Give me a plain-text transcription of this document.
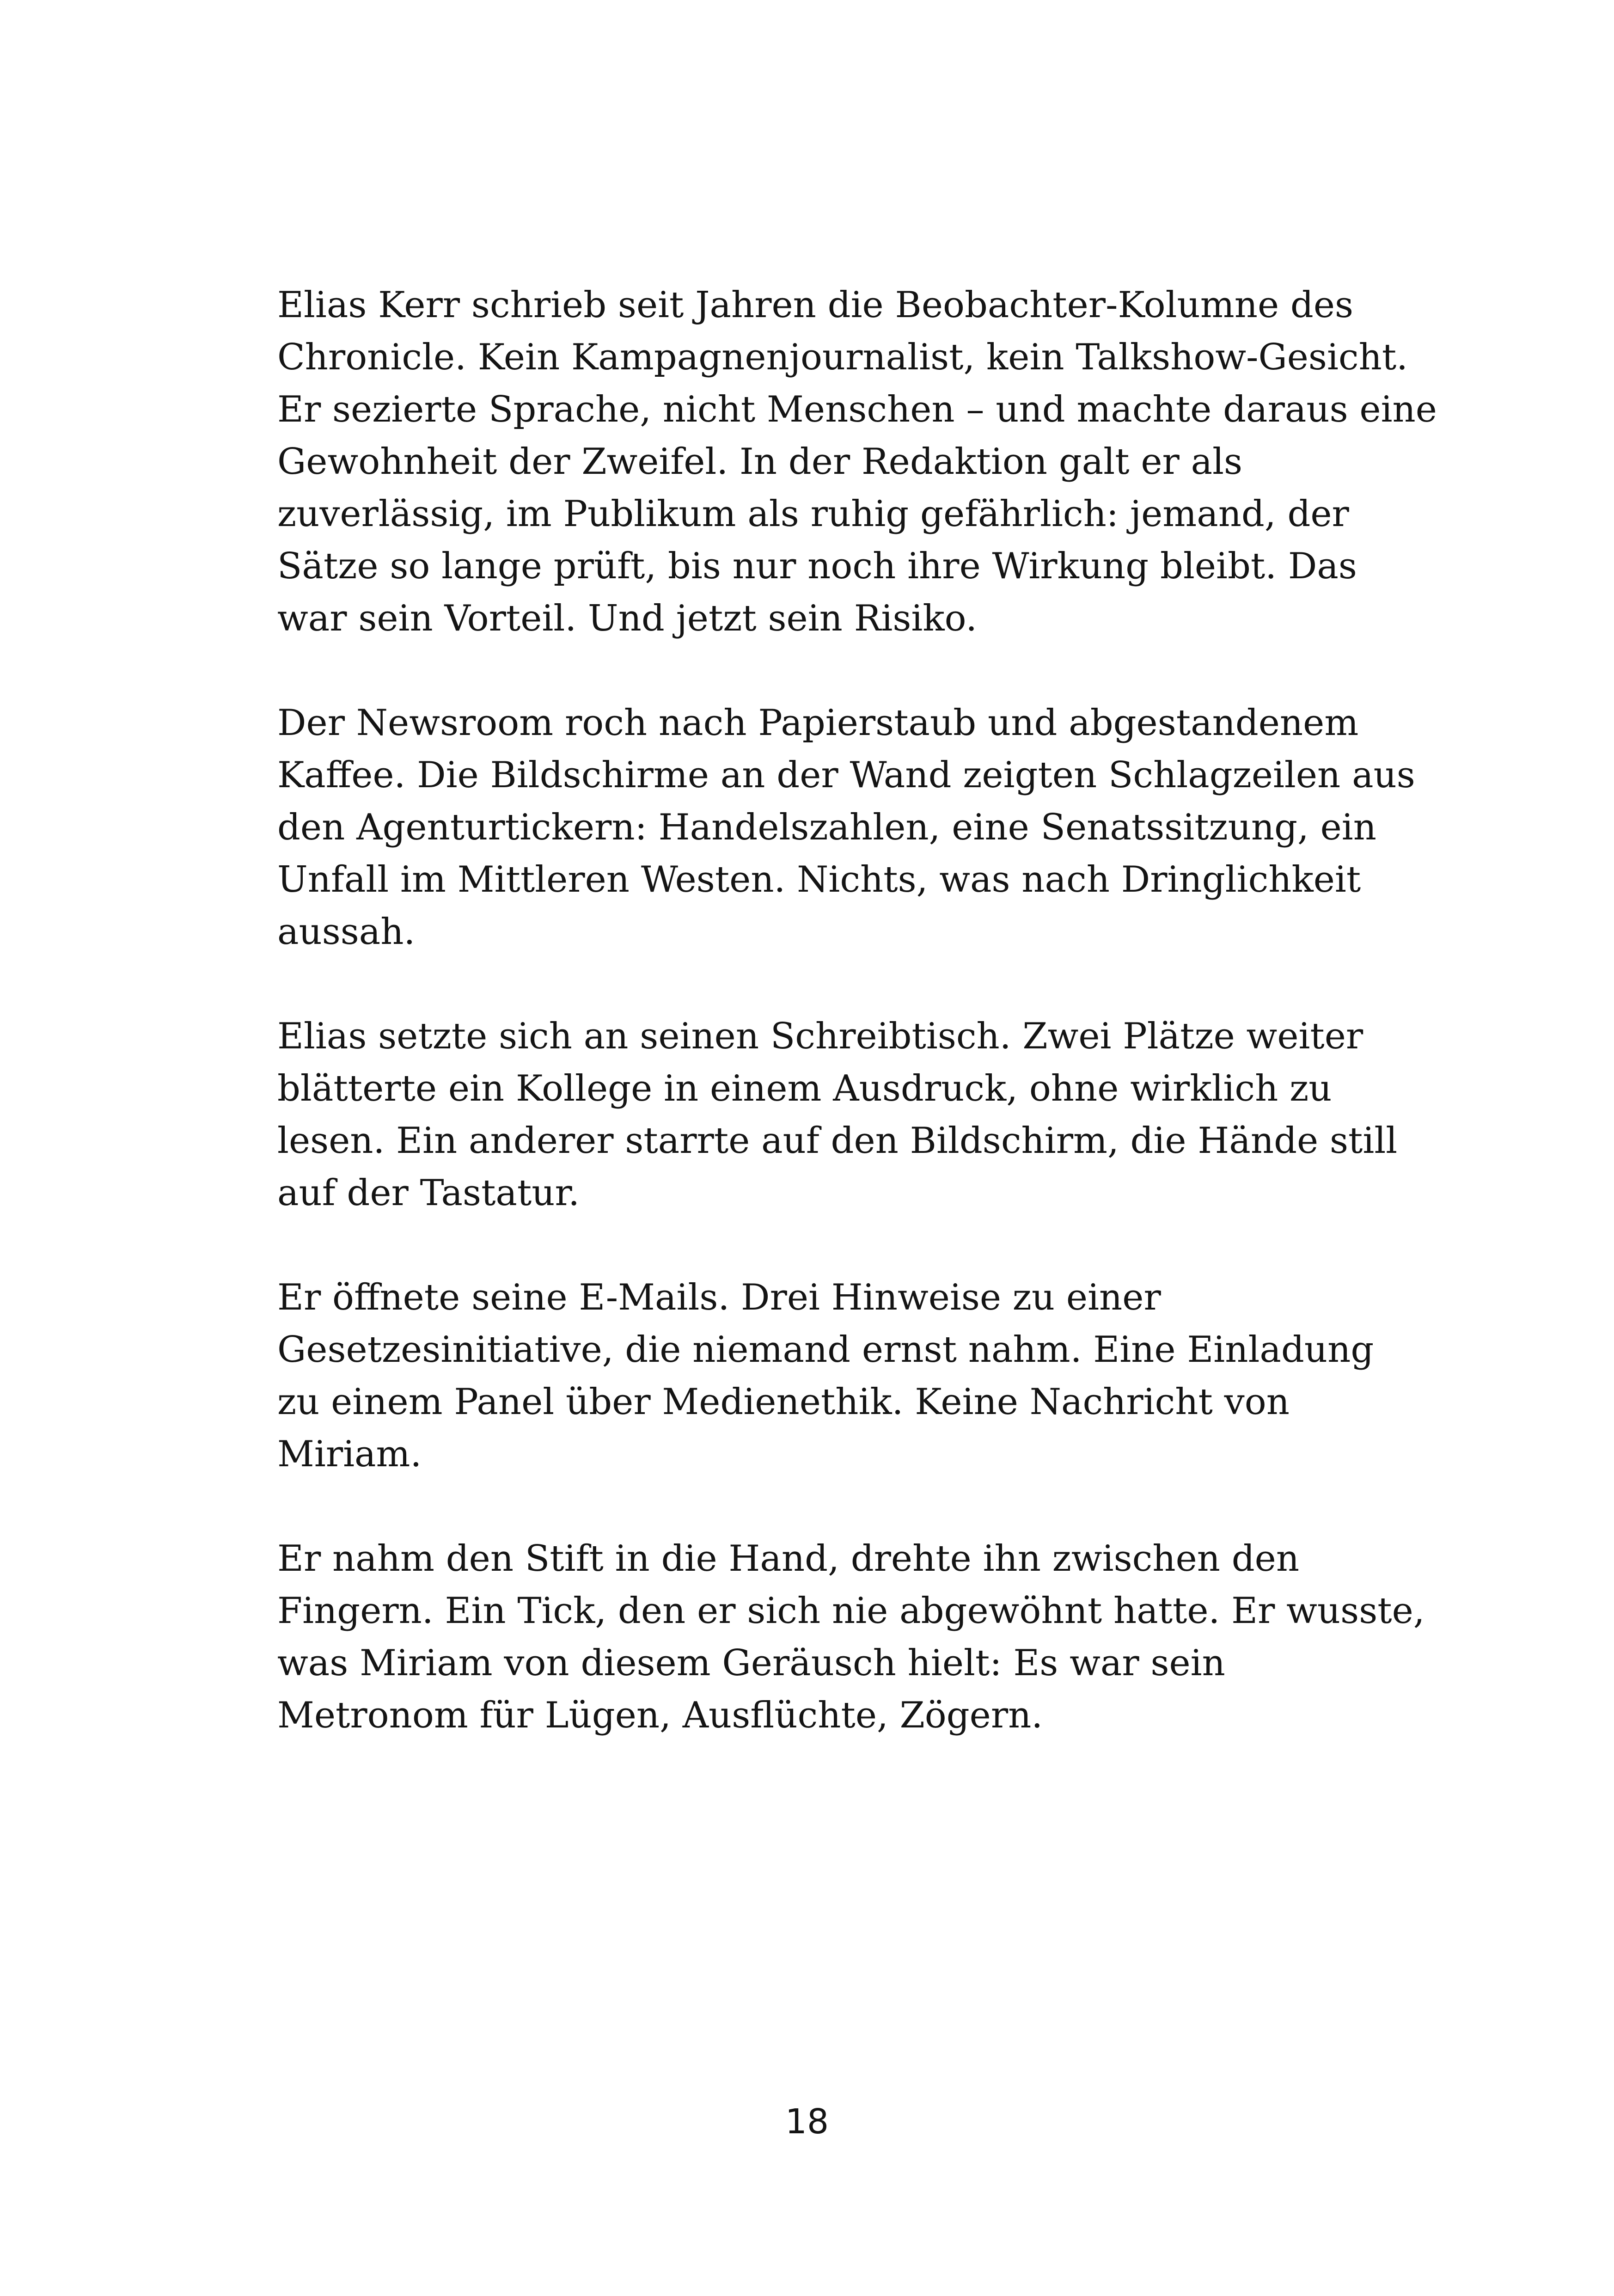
Elias Kerr schrieb seit Jahren die Beobachter-Kolumne des
Chronicle. Kein Kampagnenjournalist, kein Talkshow-Gesicht.
Er sezierte Sprache, nicht Menschen – und machte daraus eine
Gewohnheit der Zweifel. In der Redaktion galt er als
zuverlässig, im Publikum als ruhig gefährlich: jemand, der
Sätze so lange prüft, bis nur noch ihre Wirkung bleibt. Das
war sein Vorteil. Und jetzt sein Risiko.

Der Newsroom roch nach Papierstaub und abgestandenem
Kaffee. Die Bildschirme an der Wand zeigten Schlagzeilen aus
den Agenturtickern: Handelszahlen, eine Senatssitzung, ein
Unfall im Mittleren Westen. Nichts, was nach Dringlichkeit
aussah.

Elias setzte sich an seinen Schreibtisch. Zwei Plätze weiter
blätterte ein Kollege in einem Ausdruck, ohne wirklich zu
lesen. Ein anderer starrte auf den Bildschirm, die Hände still
auf der Tastatur.

Er öffnete seine E-Mails. Drei Hinweise zu einer
Gesetzesinitiative, die niemand ernst nahm. Eine Einladung
zu einem Panel über Medienethik. Keine Nachricht von
Miriam.

Er nahm den Stift in die Hand, drehte ihn zwischen den
Fingern. Ein Tick, den er sich nie abgewöhnt hatte. Er wusste,
was Miriam von diesem Geräusch hielt: Es war sein
Metronom für Lügen, Ausflüchte, Zögern.

18
